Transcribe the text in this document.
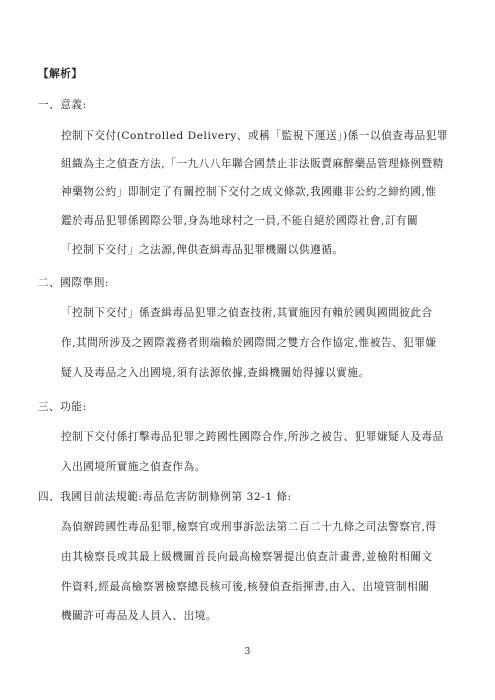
【解析】
一、意義:
控制下交付(Controlled Delivery、或稱「監視下運送」)係一以偵查毒品犯罪
組織為主之偵查方法,「一九八八年聯合國禁止非法販賣麻醉藥品管理條例暨精
神藥物公約」即制定了有關控制下交付之成文條款,我國雖非公約之締約國,惟
鑑於毒品犯罪係國際公罪,身為地球村之一員,不能自絕於國際社會,訂有關
「控制下交付」之法源,俾供查緝毒品犯罪機關以供遵循。
二、國際準則:
「控制下交付」係查緝毒品犯罪之偵查技術,其實施因有賴於國與國間彼此合
作,其間所涉及之國際義務者則端賴於國際間之雙方合作協定,惟被告、犯罪嫌
疑人及毒品之入出國境,須有法源依據,查緝機關始得據以實施。
三、功能:
控制下交付係打擊毒品犯罪之跨國性國際合作,所涉之被告、犯罪嫌疑人及毒品
入出國境所實施之偵查作為。
四、我國目前法規範:毒品危害防制條例第 32-1 條:
為偵辦跨國性毒品犯罪,檢察官或刑事訴訟法第二百二十九條之司法警察官,得
由其檢察長或其最上級機關首長向最高檢察署提出偵查計畫書,並檢附相關文
件資料,經最高檢察署檢察總長核可後,核發偵查指揮書,由入、出境管制相關
機關許可毒品及人員入、出境。
3
